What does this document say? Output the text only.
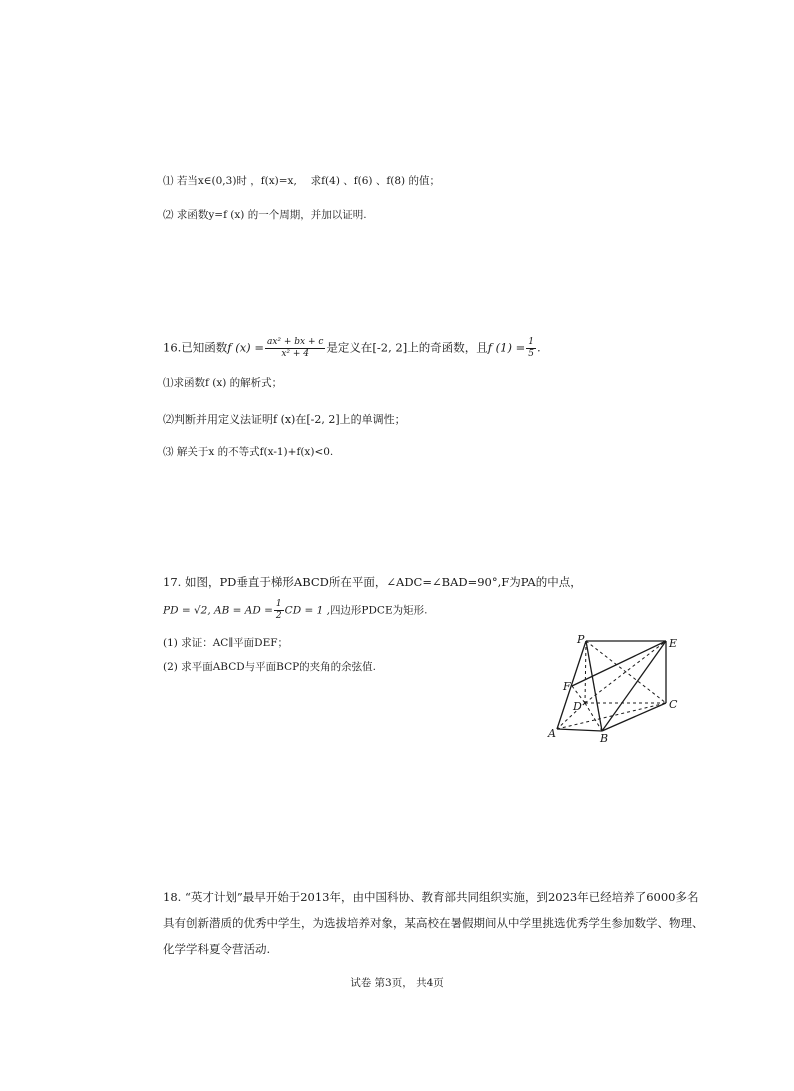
⑴ 若当x∈(0,3)时 ，f(x)=x,　 求f(4) 、f(6) 、f(8) 的值；
⑵ 求函数y=f (x) 的一个周期，并加以证明.
16.已知函数f $(x) = \frac{\text{ax² + bx + c}}{\text{x² + 4}}$ 是定义在[-2, 2]上的奇函数，且f $(1) = \frac{1}{5}$ .
⑴求函数f (x) 的解析式；
⑵判断并用定义法证明f (x)在[-2, 2]上的单调性；
⑶ 解关于x 的不等式f(x-1)+f(x)<0.
17. 如图，PD垂直于梯形ABCD所在平面，∠ADC=∠BAD=90°,F为PA的中点，
PD = √2, AB = AD = $\frac{1}{2}$ CD = 1 ,四边形PDCE为矩形.
(1) 求证：AC∥平面DEF；
(2) 求平面ABCD与平面BCP的夹角的余弦值.
P	E
F
D	C
A	B
18. “英才计划”最早开始于2013年，由中国科协、教育部共同组织实施，到2023年已经培养了6000多名
具有创新潜质的优秀中学生，为选拔培养对象，某高校在暑假期间从中学里挑选优秀学生参加数学、物理、
化学学科夏令营活动.
试卷 第3页， 共4页
